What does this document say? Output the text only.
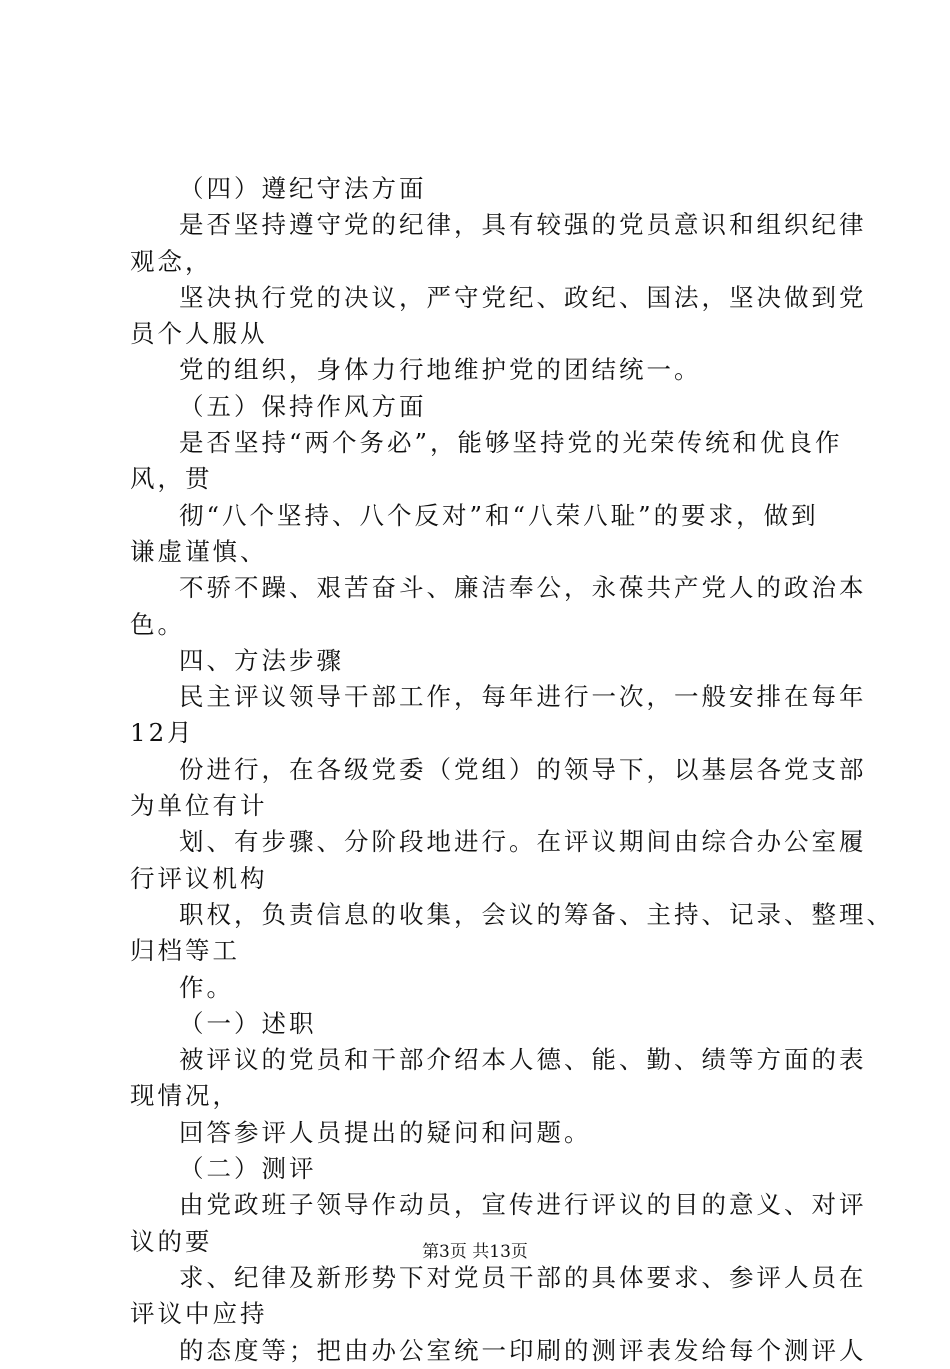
（四）遵纪守法方面
是否坚持遵守党的纪律，具有较强的党员意识和组织纪律
观念，
坚决执行党的决议，严守党纪、政纪、国法，坚决做到党
员个人服从
党的组织，身体力行地维护党的团结统一。
（五）保持作风方面
是否坚持“两个务必”，能够坚持党的光荣传统和优良作
风，贯
彻“八个坚持、八个反对”和“八荣八耻”的要求，做到
谦虚谨慎、
不骄不躁、艰苦奋斗、廉洁奉公，永葆共产党人的政治本
色。
四、方法步骤
民主评议领导干部工作，每年进行一次，一般安排在每年
12月
份进行，在各级党委（党组）的领导下，以基层各党支部
为单位有计
划、有步骤、分阶段地进行。在评议期间由综合办公室履
行评议机构
职权，负责信息的收集，会议的筹备、主持、记录、整理、
归档等工
作。
（一）述职
被评议的党员和干部介绍本人德、能、勤、绩等方面的表
现情况，
回答参评人员提出的疑问和问题。
（二）测评
由党政班子领导作动员，宣传进行评议的目的意义、对评
议的要
求、纪律及新形势下对党员干部的具体要求、参评人员在
评议中应持
的态度等；把由办公室统一印刷的测评表发给每个测评人
第3页 共13页
